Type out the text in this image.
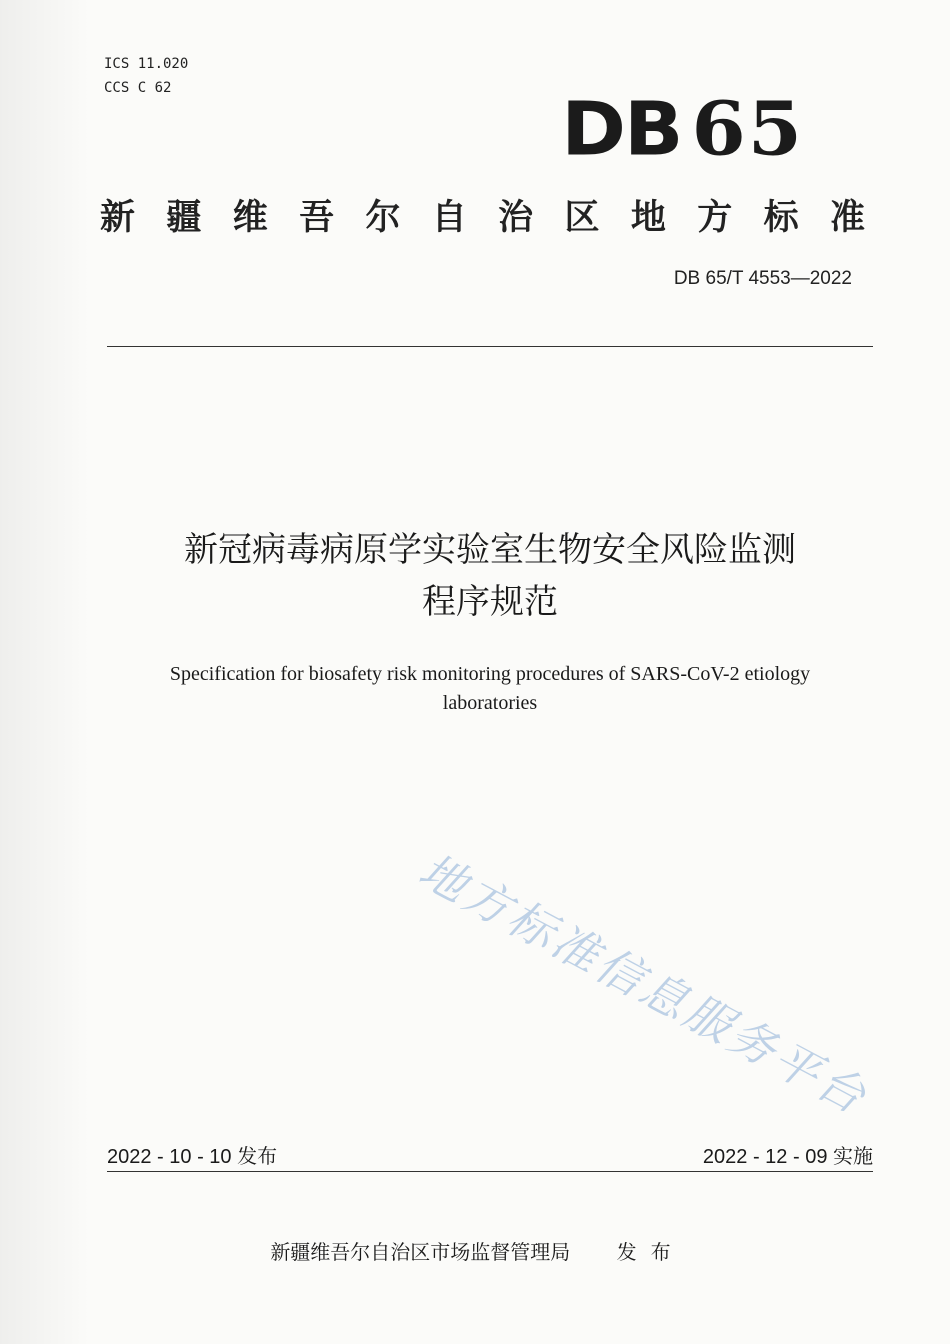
ICS 11.020
CCS C 62	DB 65
新 疆 维 吾 尔 自 治 区 地 方 标 准
DB 65/T 4553—2022
新冠病毒病原学实验室生物安全风险监测
程序规范
Specification for biosafety risk monitoring procedures of SARS-CoV-2 etiology
laboratories
地方标准信息服务平台
2022 - 10 - 10 发布	2022 - 12 - 09 实施
新疆维吾尔自治区市场监督管理局 发布
